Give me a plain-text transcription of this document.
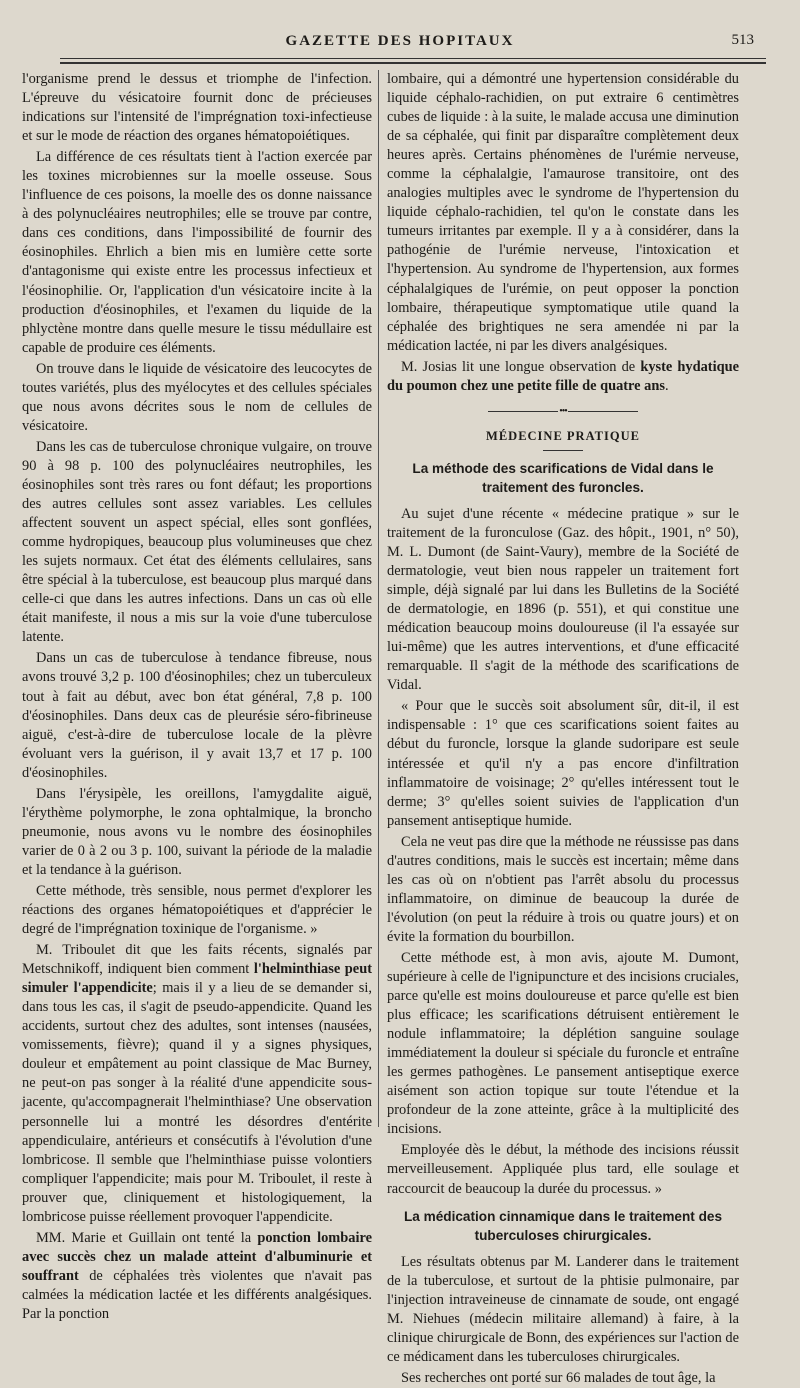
GAZETTE DES HOPITAUX	513

l'organisme prend le dessus et triomphe de l'infection. L'épreuve du vésicatoire fournit donc de précieuses indications sur l'intensité de l'imprégnation toxi-infectieuse et sur le mode de réaction des organes hématopoiétiques.

La différence de ces résultats tient à l'action exercée par les toxines microbiennes sur la moelle osseuse. Sous l'influence de ces poisons, la moelle des os donne naissance à des polynucléaires neutrophiles; elle se trouve par contre, dans ces conditions, dans l'impossibilité de fournir des éosinophiles. Ehrlich a bien mis en lumière cette sorte d'antagonisme qui existe entre les processus infectieux et l'éosinophilie. Or, l'application d'un vésicatoire incite à la production d'éosinophiles, et l'examen du liquide de la phlyctène montre dans quelle mesure le tissu médullaire est capable de produire ces éléments.

On trouve dans le liquide de vésicatoire des leucocytes de toutes variétés, plus des myélocytes et des cellules spéciales que nous avons décrites sous le nom de cellules de vésicatoire.

Dans les cas de tuberculose chronique vulgaire, on trouve 90 à 98 p. 100 des polynucléaires neutrophiles, les éosinophiles sont très rares ou font défaut; les proportions des autres cellules sont assez variables. Les cellules affectent souvent un aspect spécial, elles sont gonflées, comme hydropiques, beaucoup plus volumineuses que chez les sujets normaux. Cet état des éléments cellulaires, sans être spécial à la tuberculose, est beaucoup plus marqué dans celle-ci que dans les autres infections. Dans un cas où elle était manifeste, il nous a mis sur la voie d'une tuberculose latente.

Dans un cas de tuberculose à tendance fibreuse, nous avons trouvé 3,2 p. 100 d'éosinophiles; chez un tuberculeux tout à fait au début, avec bon état général, 7,8 p. 100 d'éosinophiles. Dans deux cas de pleurésie séro-fibrineuse aiguë, c'est-à-dire de tuberculose locale de la plèvre évoluant vers la guérison, il y avait 13,7 et 17 p. 100 d'éosinophiles.

Dans l'érysipèle, les oreillons, l'amygdalite aiguë, l'érythème polymorphe, le zona ophtalmique, la broncho pneumonie, nous avons vu le nombre des éosinophiles varier de 0 à 2 ou 3 p. 100, suivant la période de la maladie et la tendance à la guérison.

Cette méthode, très sensible, nous permet d'explorer les réactions des organes hématopoiétiques et d'apprécier le degré de l'imprégnation toxinique de l'organisme. »

M. Triboulet dit que les faits récents, signalés par Metschnikoff, indiquent bien comment l'helminthiase peut simuler l'appendicite; mais il y a lieu de se demander si, dans tous les cas, il s'agit de pseudo-appendicite. Quand les accidents, surtout chez des adultes, sont intenses (nausées, vomissements, fièvre); quand il y a signes physiques, douleur et empâtement au point classique de Mac Burney, ne peut-on pas songer à la réalité d'une appendicite sous-jacente, qu'accompagnerait l'helminthiase? Une observation personnelle lui a montré les désordres d'entérite appendiculaire, antérieurs et consécutifs à l'évolution d'une lombricose. Il semble que l'helminthiase puisse volontiers compliquer l'appendicite; mais pour M. Triboulet, il reste à prouver que, cliniquement et histologiquement, la lombricose puisse réellement provoquer l'appendicite.

MM. Marie et Guillain ont tenté la ponction lombaire avec succès chez un malade atteint d'albuminurie et souffrant de céphalées très violentes que n'avait pas calmées la médication lactée et les différents analgésiques. Par la ponction

lombaire, qui a démontré une hypertension considérable du liquide céphalo-rachidien, on put extraire 6 centimètres cubes de liquide : à la suite, le malade accusa une diminution de sa céphalée, qui finit par disparaître complètement deux heures après. Certains phénomènes de l'urémie nerveuse, comme la céphalalgie, l'amaurose transitoire, ont des analogies multiples avec le syndrome de l'hypertension du liquide céphalo-rachidien, tel qu'on le constate dans les tumeurs irritantes par exemple. Il y a à considérer, dans la pathogénie de l'urémie nerveuse, l'intoxication et l'hypertension. Au syndrome de l'hypertension, aux formes céphalalgiques de l'urémie, on peut opposer la ponction lombaire, thérapeutique symptomatique utile quand la céphalée des brightiques ne sera amendée ni par la médication lactée, ni par les divers analgésiques.

M. Josias lit une longue observation de kyste hydatique du poumon chez une petite fille de quatre ans.

•••
MÉDECINE PRATIQUE
La méthode des scarifications de Vidal dans le traitement des furoncles.

Au sujet d'une récente « médecine pratique » sur le traitement de la furonculose (Gaz. des hôpit., 1901, n° 50), M. L. Dumont (de Saint-Vaury), membre de la Société de dermatologie, veut bien nous rappeler un traitement fort simple, déjà signalé par lui dans les Bulletins de la Société de dermatologie, en 1896 (p. 551), et qui constitue une médication beaucoup moins douloureuse (il l'a essayée sur lui-même) que les autres interventions, et d'une efficacité remarquable. Il s'agit de la méthode des scarifications de Vidal.

« Pour que le succès soit absolument sûr, dit-il, il est indispensable : 1° que ces scarifications soient faites au début du furoncle, lorsque la glande sudoripare est seule intéressée et qu'il n'y a pas encore d'infiltration inflammatoire de voisinage; 2° qu'elles intéressent tout le derme; 3° qu'elles soient suivies de l'application d'un pansement antiseptique humide.

Cela ne veut pas dire que la méthode ne réussisse pas dans d'autres conditions, mais le succès est incertain; même dans les cas où on n'obtient pas l'arrêt absolu du processus inflammatoire, on diminue de beaucoup la durée de l'évolution (on peut la réduire à trois ou quatre jours) et on évite la formation du bourbillon.

Cette méthode est, à mon avis, ajoute M. Dumont, supérieure à celle de l'ignipuncture et des incisions cruciales, parce qu'elle est moins douloureuse et parce qu'elle est bien plus efficace; les scarifications détruisent entièrement le nodule inflammatoire; la déplétion sanguine soulage immédiatement la douleur si spéciale du furoncle et entraîne les germes pathogènes. Le pansement antiseptique exerce aisément son action topique sur toute l'étendue et la profondeur de la zone atteinte, grâce à la multiplicité des incisions.

Employée dès le début, la méthode des incisions réussit merveilleusement. Appliquée plus tard, elle soulage et raccourcit de beaucoup la durée du processus. »

La médication cinnamique dans le traitement des tuberculoses chirurgicales.

Les résultats obtenus par M. Landerer dans le traitement de la tuberculose, et surtout de la phtisie pulmonaire, par l'injection intraveineuse de cinnamate de soude, ont engagé M. Niehues (médecin militaire allemand) à faire, à la clinique chirurgicale de Bonn, des expériences sur l'action de ce médicament dans les tuberculoses chirurgicales.

Ses recherches ont porté sur 66 malades de tout âge, la
